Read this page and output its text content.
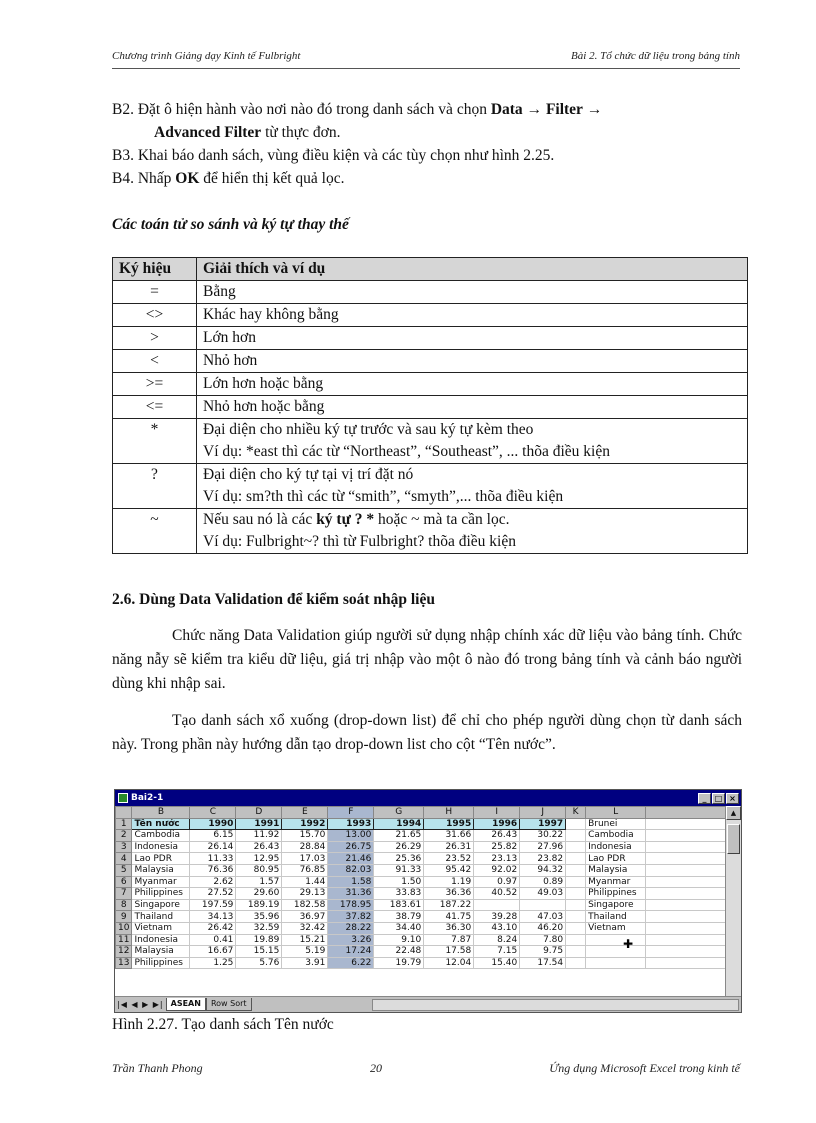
Chương trình Giảng dạy Kinh tế Fulbright	Bài 2. Tổ chức dữ liệu trong bảng tính

B2. Đặt ô hiện hành vào nơi nào đó trong danh sách và chọn Data → Filter →
Advanced Filter từ thực đơn.

B3. Khai báo danh sách, vùng điều kiện và các tùy chọn như hình 2.25.

B4. Nhấp OK để hiển thị kết quả lọc.

Các toán tử so sánh và ký tự thay thế
Ký hiệu	Giải thích và ví dụ
=	Bằng

<>	Khác hay không bằng

>	Lớn hơn

<	Nhỏ hơn

>=	Lớn hơn hoặc bằng

<=	Nhỏ hơn hoặc bằng

*	Đại diện cho nhiều ký tự trước và sau ký tự kèm theo
Ví dụ: *east thì các từ “Northeast”, “Southeast”, ... thõa điều kiện

?	Đại diện cho ký tự tại vị trí đặt nó
Ví dụ: sm?th thì các từ “smith”, “smyth”,... thõa điều kiện

~	Nếu sau nó là các ký tự ? * hoặc ~ mà ta cần lọc.
Ví dụ: Fulbright~? thì từ Fulbright? thõa điều kiện
2.6. Dùng Data Validation để kiểm soát nhập liệu

Chức năng Data Validation giúp người sử dụng nhập chính xác dữ liệu vào bảng tính. Chức năng nẫy sẽ kiểm tra kiểu dữ liệu, giá trị nhập vào một ô nào đó trong bảng tính và cảnh báo người dùng khi nhập sai.

Tạo danh sách xổ xuống (drop-down list) để chỉ cho phép người dùng chọn từ danh sách này. Trong phần này hướng dẫn tạo drop-down list cho cột “Tên nước”.

Bai2-1	_	□ ×
	B	C	D	E	F	G	H	I	J	K	L	
1	Tên nước	1990	1991	1992	1993	1994	1995	1996	1997		Brunei	
2	Cambodia	6.15	11.92	15.70	13.00	21.65	31.66	26.43	30.22		Cambodia	
3	Indonesia	26.14	26.43	28.84	26.75	26.29	26.31	25.82	27.96		Indonesia	
4	Lao PDR	11.33	12.95	17.03	21.46	25.36	23.52	23.13	23.82		Lao PDR	
5	Malaysia	76.36	80.95	76.85	82.03	91.33	95.42	92.02	94.32		Malaysia	
6	Myanmar	2.62	1.57	1.44	1.58	1.50	1.19	0.97	0.89		Myanmar	
7	Philippines	27.52	29.60	29.13	31.36	33.83	36.36	40.52	49.03		Philippines	
8	Singapore	197.59	189.19	182.58	178.95	183.61	187.22				Singapore	
9	Thailand	34.13	35.96	36.97	37.82	38.79	41.75	39.28	47.03		Thailand	
10	Vietnam	26.42	32.59	32.42	28.22	34.40	36.30	43.10	46.20		Vietnam	
11	Indonesia	0.41	19.89	15.21	3.26	9.10	7.87	8.24	7.80			
12	Malaysia	16.67	15.15	5.19	17.24	22.48	17.58	7.15	9.75			
13	Philippines	1.25	5.76	3.91	6.22	19.79	12.04	15.40	17.54			
▲
|◀ ◀ ▶ ▶| ASEAN	Row Sort
✚
Hình 2.27. Tạo danh sách Tên nước
Trần Thanh Phong	20	Ứng dụng Microsoft Excel trong kinh tế
